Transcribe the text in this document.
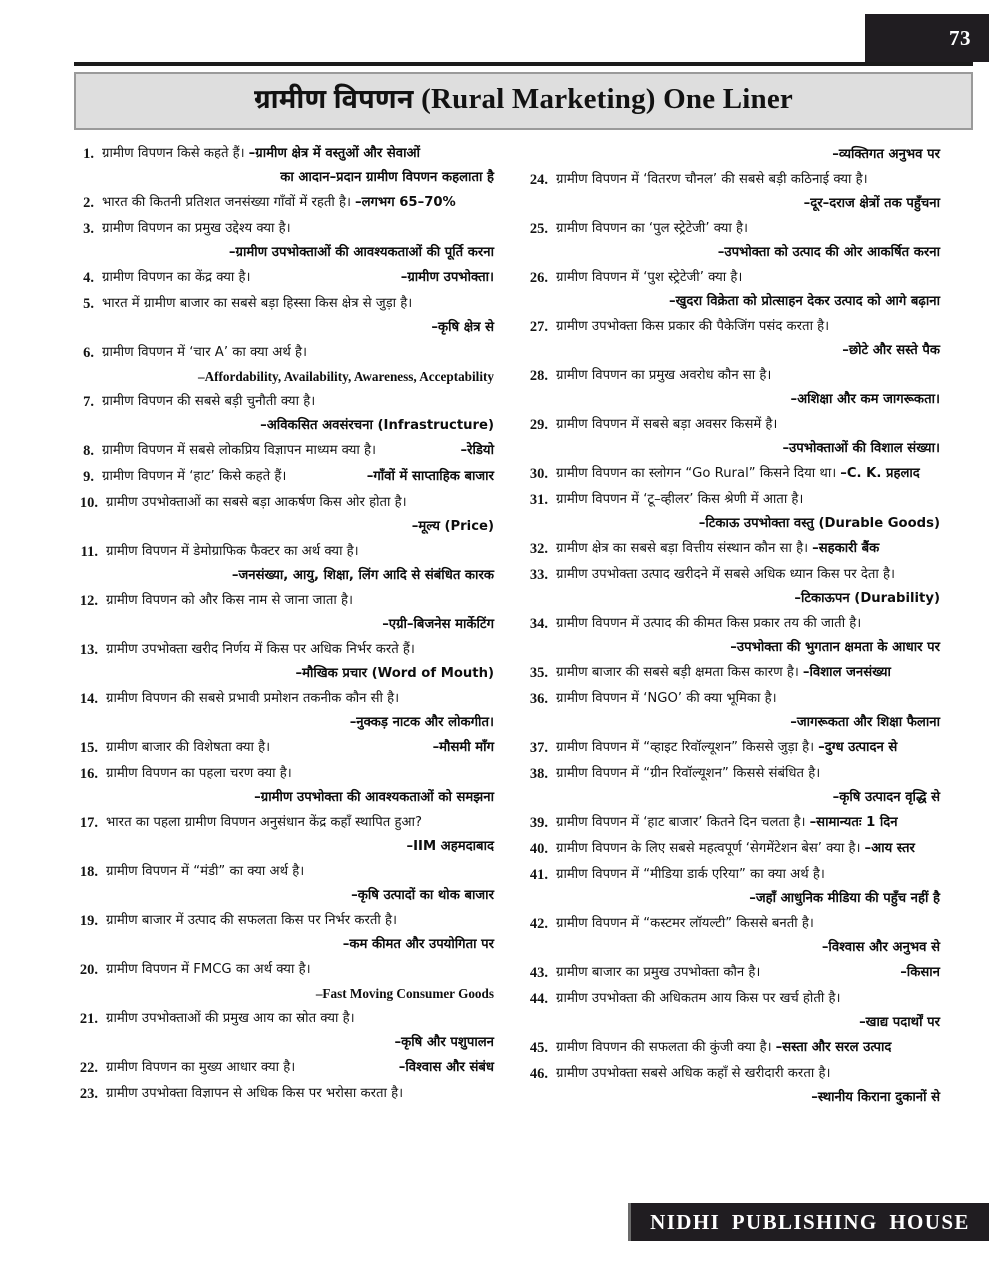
73
ग्रामीण विपणन (Rural Marketing) One Liner
1. ग्रामीण विपणन किसे कहते हैं। –ग्रामीण क्षेत्र में वस्तुओं और सेवाओं
का आदान–प्रदान ग्रामीण विपणन कहलाता है
2. भारत की कितनी प्रतिशत जनसंख्या गाँवों में रहती है। –लगभग 65–70%
3. ग्रामीण विपणन का प्रमुख उद्देश्य क्या है।
–ग्रामीण उपभोक्ताओं की आवश्यकताओं की पूर्ति करना
4. ग्रामीण विपणन का केंद्र क्या है।	–ग्रामीण उपभोक्ता।
5. भारत में ग्रामीण बाजार का सबसे बड़ा हिस्सा किस क्षेत्र से जुड़ा है।
–कृषि क्षेत्र से
6. ग्रामीण विपणन में ‘चार A’ का क्या अर्थ है।
–Affordability, Availability, Awareness, Acceptability
7. ग्रामीण विपणन की सबसे बड़ी चुनौती क्या है।
–अविकसित अवसंरचना (Infrastructure)
8. ग्रामीण विपणन में सबसे लोकप्रिय विज्ञापन माध्यम क्या है।	–रेडियो
9. ग्रामीण विपणन में ‘हाट’ किसे कहते हैं।	–गाँवों में साप्ताहिक बाजार
10. ग्रामीण उपभोक्ताओं का सबसे बड़ा आकर्षण किस ओर होता है।
–मूल्य (Price)
11. ग्रामीण विपणन में डेमोग्राफिक फैक्टर का अर्थ क्या है।
–जनसंख्या, आयु, शिक्षा, लिंग आदि से संबंधित कारक
12. ग्रामीण विपणन को और किस नाम से जाना जाता है।
–एग्री–बिजनेस मार्केटिंग
13. ग्रामीण उपभोक्ता खरीद निर्णय में किस पर अधिक निर्भर करते हैं।
–मौखिक प्रचार (Word of Mouth)
14. ग्रामीण विपणन की सबसे प्रभावी प्रमोशन तकनीक कौन सी है।
–नुक्कड़ नाटक और लोकगीत।
15. ग्रामीण बाजार की विशेषता क्या है।	–मौसमी माँग
16. ग्रामीण विपणन का पहला चरण क्या है।
–ग्रामीण उपभोक्ता की आवश्यकताओं को समझना
17. भारत का पहला ग्रामीण विपणन अनुसंधान केंद्र कहाँ स्थापित हुआ?
–IIM अहमदाबाद
18. ग्रामीण विपणन में “मंडी” का क्या अर्थ है।
–कृषि उत्पादों का थोक बाजार
19. ग्रामीण बाजार में उत्पाद की सफलता किस पर निर्भर करती है।
–कम कीमत और उपयोगिता पर
20. ग्रामीण विपणन में FMCG का अर्थ क्या है।
–Fast Moving Consumer Goods
21. ग्रामीण उपभोक्ताओं की प्रमुख आय का स्रोत क्या है।
–कृषि और पशुपालन
22. ग्रामीण विपणन का मुख्य आधार क्या है।	–विश्वास और संबंध
23. ग्रामीण उपभोक्ता विज्ञापन से अधिक किस पर भरोसा करता है।
–व्यक्तिगत अनुभव पर
24. ग्रामीण विपणन में ‘वितरण चौनल’ की सबसे बड़ी कठिनाई क्या है।
–दूर–दराज क्षेत्रों तक पहुँचना
25. ग्रामीण विपणन का ‘पुल स्ट्रेटेजी’ क्या है।
–उपभोक्ता को उत्पाद की ओर आकर्षित करना
26. ग्रामीण विपणन में ‘पुश स्ट्रेटेजी’ क्या है।
–खुदरा विक्रेता को प्रोत्साहन देकर उत्पाद को आगे बढ़ाना
27. ग्रामीण उपभोक्ता किस प्रकार की पैकेजिंग पसंद करता है।
–छोटे और सस्ते पैक
28. ग्रामीण विपणन का प्रमुख अवरोध कौन सा है।
–अशिक्षा और कम जागरूकता।
29. ग्रामीण विपणन में सबसे बड़ा अवसर किसमें है।
–उपभोक्ताओं की विशाल संख्या।
30. ग्रामीण विपणन का स्लोगन “Go Rural” किसने दिया था। –C. K. प्रहलाद
31. ग्रामीण विपणन में ‘टू–व्हीलर’ किस श्रेणी में आता है।
–टिकाऊ उपभोक्ता वस्तु (Durable Goods)
32. ग्रामीण क्षेत्र का सबसे बड़ा वित्तीय संस्थान कौन सा है। –सहकारी बैंक
33. ग्रामीण उपभोक्ता उत्पाद खरीदने में सबसे अधिक ध्यान किस पर देता है।
–टिकाऊपन (Durability)
34. ग्रामीण विपणन में उत्पाद की कीमत किस प्रकार तय की जाती है।
–उपभोक्ता की भुगतान क्षमता के आधार पर
35. ग्रामीण बाजार की सबसे बड़ी क्षमता किस कारण है। –विशाल जनसंख्या
36. ग्रामीण विपणन में ‘NGO’ की क्या भूमिका है।
–जागरूकता और शिक्षा फैलाना
37. ग्रामीण विपणन में “व्हाइट रिवॉल्यूशन” किससे जुड़ा है। –दुग्ध उत्पादन से
38. ग्रामीण विपणन में “ग्रीन रिवॉल्यूशन” किससे संबंधित है।
–कृषि उत्पादन वृद्धि से
39. ग्रामीण विपणन में ‘हाट बाजार’ कितने दिन चलता है। –सामान्यतः 1 दिन
40. ग्रामीण विपणन के लिए सबसे महत्वपूर्ण ‘सेगमेंटेशन बेस’ क्या है। –आय स्तर
41. ग्रामीण विपणन में “मीडिया डार्क एरिया” का क्या अर्थ है।
–जहाँ आधुनिक मीडिया की पहुँच नहीं है
42. ग्रामीण विपणन में “कस्टमर लॉयल्टी” किससे बनती है।
–विश्वास और अनुभव से
43. ग्रामीण बाजार का प्रमुख उपभोक्ता कौन है।	–किसान
44. ग्रामीण उपभोक्ता की अधिकतम आय किस पर खर्च होती है।
–खाद्य पदार्थों पर
45. ग्रामीण विपणन की सफलता की कुंजी क्या है। –सस्ता और सरल उत्पाद
46. ग्रामीण उपभोक्ता सबसे अधिक कहाँ से खरीदारी करता है।
–स्थानीय किराना दुकानों से
NIDHI PUBLISHING HOUSE
